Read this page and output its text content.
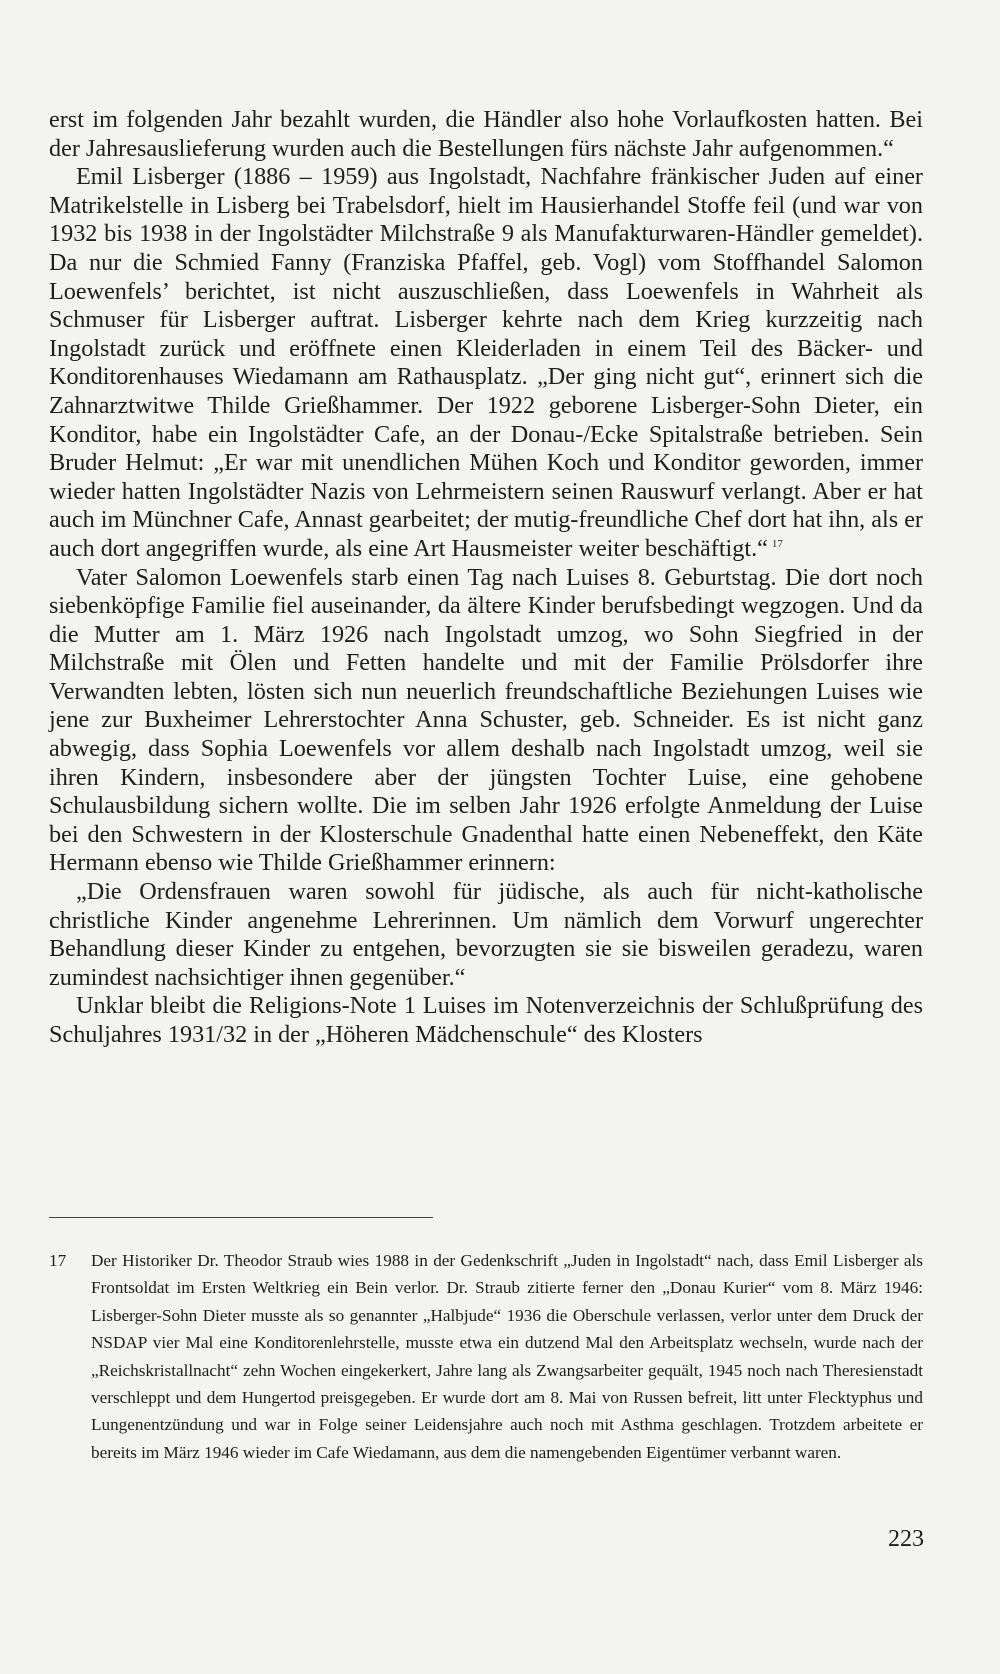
erst im folgenden Jahr bezahlt wurden, die Händler also hohe Vorlaufkosten hatten. Bei der Jahresauslieferung wurden auch die Bestellungen fürs nächste Jahr aufgenommen.“

Emil Lisberger (1886 – 1959) aus Ingolstadt, Nachfahre fränkischer Juden auf einer Matrikelstelle in Lisberg bei Trabelsdorf, hielt im Hausierhandel Stoffe feil (und war von 1932 bis 1938 in der Ingolstädter Milchstraße 9 als Manufakturwaren-Händler gemeldet). Da nur die Schmied Fanny (Franziska Pfaffel, geb. Vogl) vom Stoffhandel Salomon Loewenfels’ berichtet, ist nicht auszuschließen, dass Loewenfels in Wahrheit als Schmuser für Lisberger auftrat. Lisberger kehrte nach dem Krieg kurzzeitig nach Ingolstadt zurück und eröffnete einen Kleiderladen in einem Teil des Bäcker- und Konditorenhauses Wiedamann am Rathausplatz. „Der ging nicht gut“, erinnert sich die Zahnarztwitwe Thilde Grießhammer. Der 1922 geborene Lisberger-Sohn Dieter, ein Konditor, habe ein Ingolstädter Cafe, an der Donau-/Ecke Spitalstraße betrieben. Sein Bruder Helmut: „Er war mit unendlichen Mühen Koch und Konditor geworden, immer wieder hatten Ingolstädter Nazis von Lehrmeistern seinen Rauswurf verlangt. Aber er hat auch im Münchner Cafe, Annast gearbeitet; der mutig-freundliche Chef dort hat ihn, als er auch dort angegriffen wurde, als eine Art Hausmeister weiter beschäftigt.“ $^{17}$

Vater Salomon Loewenfels starb einen Tag nach Luises 8. Geburtstag. Die dort noch siebenköpfige Familie fiel auseinander, da ältere Kinder berufsbedingt wegzogen. Und da die Mutter am 1. März 1926 nach Ingolstadt umzog, wo Sohn Siegfried in der Milchstraße mit Ölen und Fetten handelte und mit der Familie Prölsdorfer ihre Verwandten lebten, lösten sich nun neuerlich freundschaftliche Beziehungen Luises wie jene zur Buxheimer Lehrerstochter Anna Schuster, geb. Schneider. Es ist nicht ganz abwegig, dass Sophia Loewenfels vor allem deshalb nach Ingolstadt umzog, weil sie ihren Kindern, insbesondere aber der jüngsten Tochter Luise, eine gehobene Schulausbildung sichern wollte. Die im selben Jahr 1926 erfolgte Anmeldung der Luise bei den Schwestern in der Klosterschule Gnadenthal hatte einen Nebeneffekt, den Käte Hermann ebenso wie Thilde Grießhammer erinnern:

„Die Ordensfrauen waren sowohl für jüdische, als auch für nicht-katholische christliche Kinder angenehme Lehrerinnen. Um nämlich dem Vorwurf ungerechter Behandlung dieser Kinder zu entgehen, bevorzugten sie sie bisweilen geradezu, waren zumindest nachsichtiger ihnen gegenüber.“

Unklar bleibt die Religions-Note 1 Luises im Notenverzeichnis der Schlußprüfung des Schuljahres 1931/32 in der „Höheren Mädchenschule“ des Klosters

17 Der Historiker Dr. Theodor Straub wies 1988 in der Gedenkschrift „Juden in Ingolstadt“ nach, dass Emil Lisberger als Frontsoldat im Ersten Weltkrieg ein Bein verlor. Dr. Straub zitierte ferner den „Donau Kurier“ vom 8. März 1946: Lisberger-Sohn Dieter musste als so genannter „Halbjude“ 1936 die Oberschule verlassen, verlor unter dem Druck der NSDAP vier Mal eine Konditorenlehrstelle, musste etwa ein dutzend Mal den Arbeitsplatz wechseln, wurde nach der „Reichskristallnacht“ zehn Wochen eingekerkert, Jahre lang als Zwangsarbeiter gequält, 1945 noch nach Theresienstadt verschleppt und dem Hungertod preisgegeben. Er wurde dort am 8. Mai von Russen befreit, litt unter Flecktyphus und Lungenentzündung und war in Folge seiner Leidensjahre auch noch mit Asthma geschlagen. Trotzdem arbeitete er bereits im März 1946 wieder im Cafe Wiedamann, aus dem die namengebenden Eigentümer verbannt waren.
223
